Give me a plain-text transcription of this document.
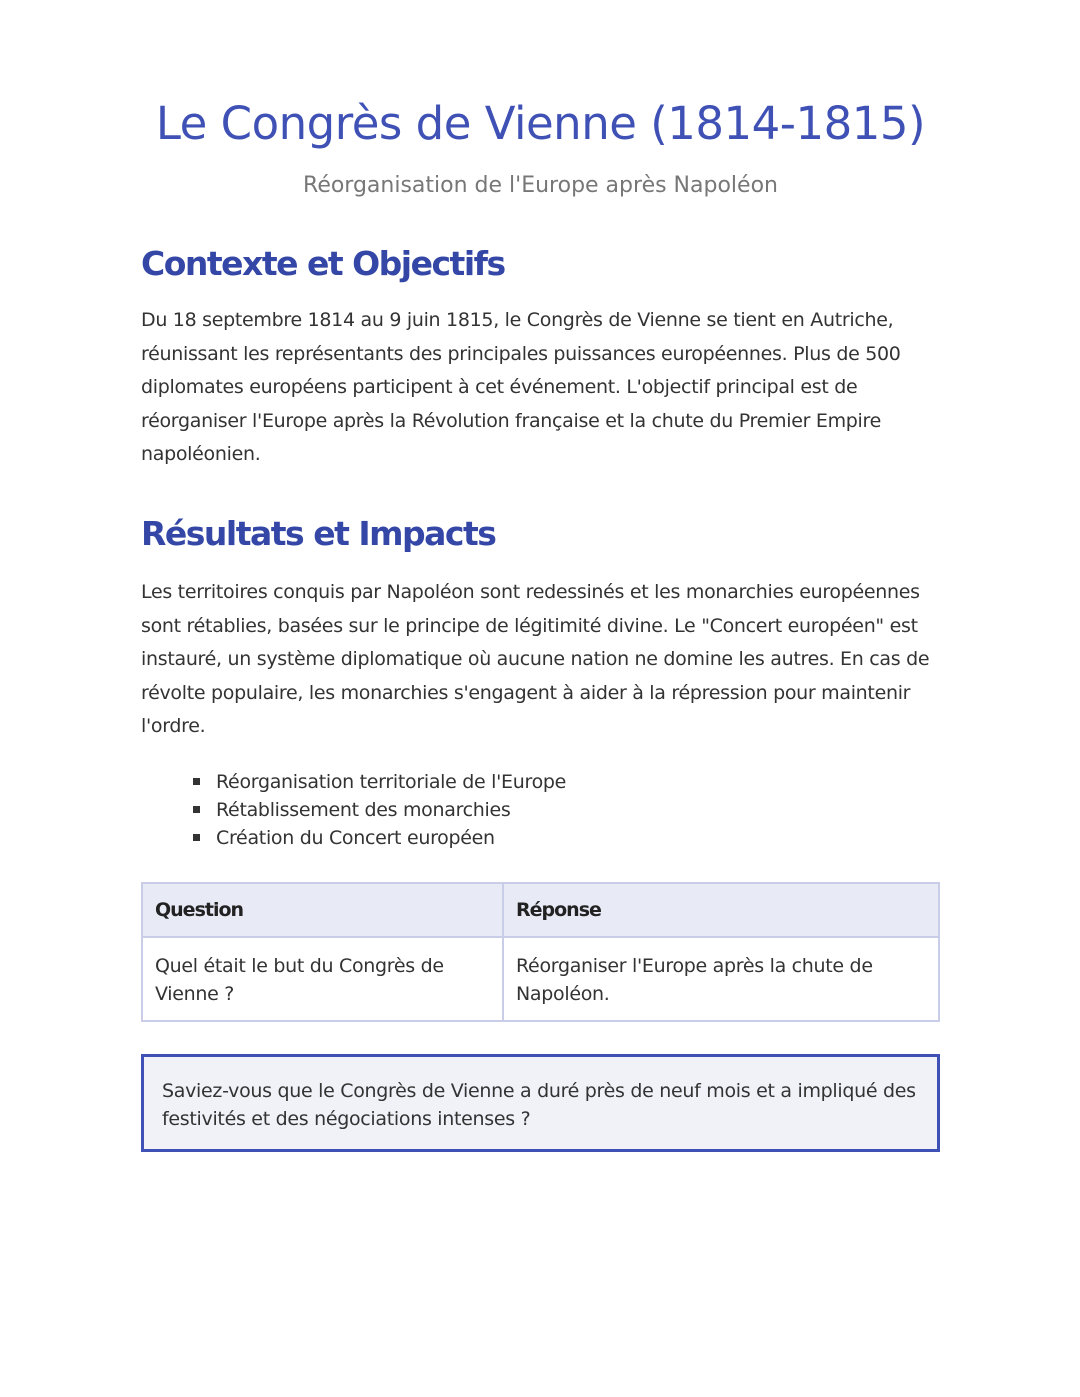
Le Congrès de Vienne (1814-1815)

Réorganisation de l'Europe après Napoléon

Contexte et Objectifs

Du 18 septembre 1814 au 9 juin 1815, le Congrès de Vienne se tient en Autriche, réunissant les représentants des principales puissances européennes. Plus de 500 diplomates européens participent à cet événement. L'objectif principal est de réorganiser l'Europe après la Révolution française et la chute du Premier Empire napoléonien.

Résultats et Impacts

Les territoires conquis par Napoléon sont redessinés et les monarchies européennes sont rétablies, basées sur le principe de légitimité divine. Le "Concert européen" est instauré, un système diplomatique où aucune nation ne domine les autres. En cas de révolte populaire, les monarchies s'engagent à aider à la répression pour maintenir l'ordre.

Réorganisation territoriale de l'Europe
Rétablissement des monarchies
Création du Concert européen
Question	Réponse
Quel était le but du Congrès de Vienne ?	Réorganiser l'Europe après la chute de Napoléon.

Saviez-vous que le Congrès de Vienne a duré près de neuf mois et a impliqué des festivités et des négociations intenses ?
